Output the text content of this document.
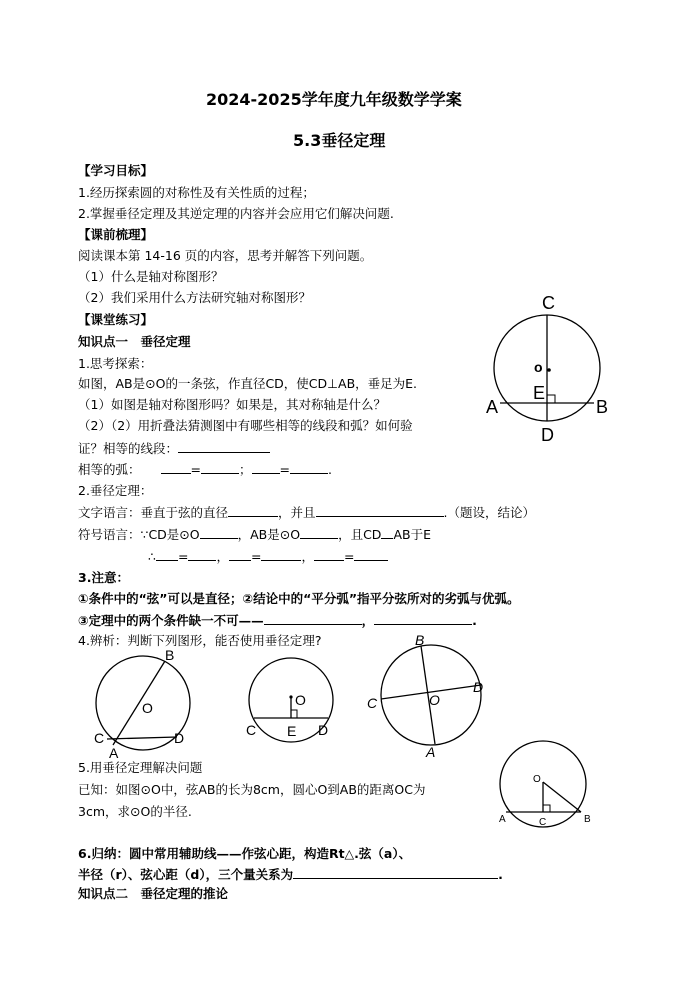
2024-2025学年度九年级数学学案
5.3垂径定理
【学习目标】
1.经历探索圆的对称性及有关性质的过程；
2.掌握垂径定理及其逆定理的内容并会应用它们解决问题.
【课前梳理】
阅读课本第 14-16 页的内容，思考并解答下列问题。
（1）什么是轴对称图形？
（2）我们采用什么方法研究轴对称图形？
【课堂练习】
知识点一　垂径定理
1.思考探索：
如图，AB是⊙O的一条弦，作直径CD，使CD⊥AB，垂足为E.
（1）如图是轴对称图形吗？如果是，其对称轴是什么？
（2）（2）用折叠法猜测图中有哪些相等的线段和弧？如何验
证？相等的线段：
相等的弧：	=	； =	.
2.垂径定理：
文字语言：垂直于弦的直径	，并且	.（题设，结论）
符号语言：∵CD是⊙O	，AB是⊙O	，且CD AB于E
∴ = ， =	， =
3.注意：
①条件中的“弦”可以是直径；②结论中的“平分弧”指平分弦所对的劣弧与优弧。
③定理中的两个条件缺一不可——	，	.
4.辨析：判断下列图形，能否使用垂径定理?
5.用垂径定理解决问题
已知：如图⊙O中，弦AB的长为8cm，圆心O到AB的距离OC为
3cm，求⊙O的半径.
6.归纳：圆中常用辅助线——作弦心距，构造Rt△.弦（a）、
半径（r）、弦心距（d），三个量关系为	.
知识点二　垂径定理的推论
C
o
E
A	B
D
B
O
C
A
D
O
C E D
B
C	O
D
A
O
A	C	B
